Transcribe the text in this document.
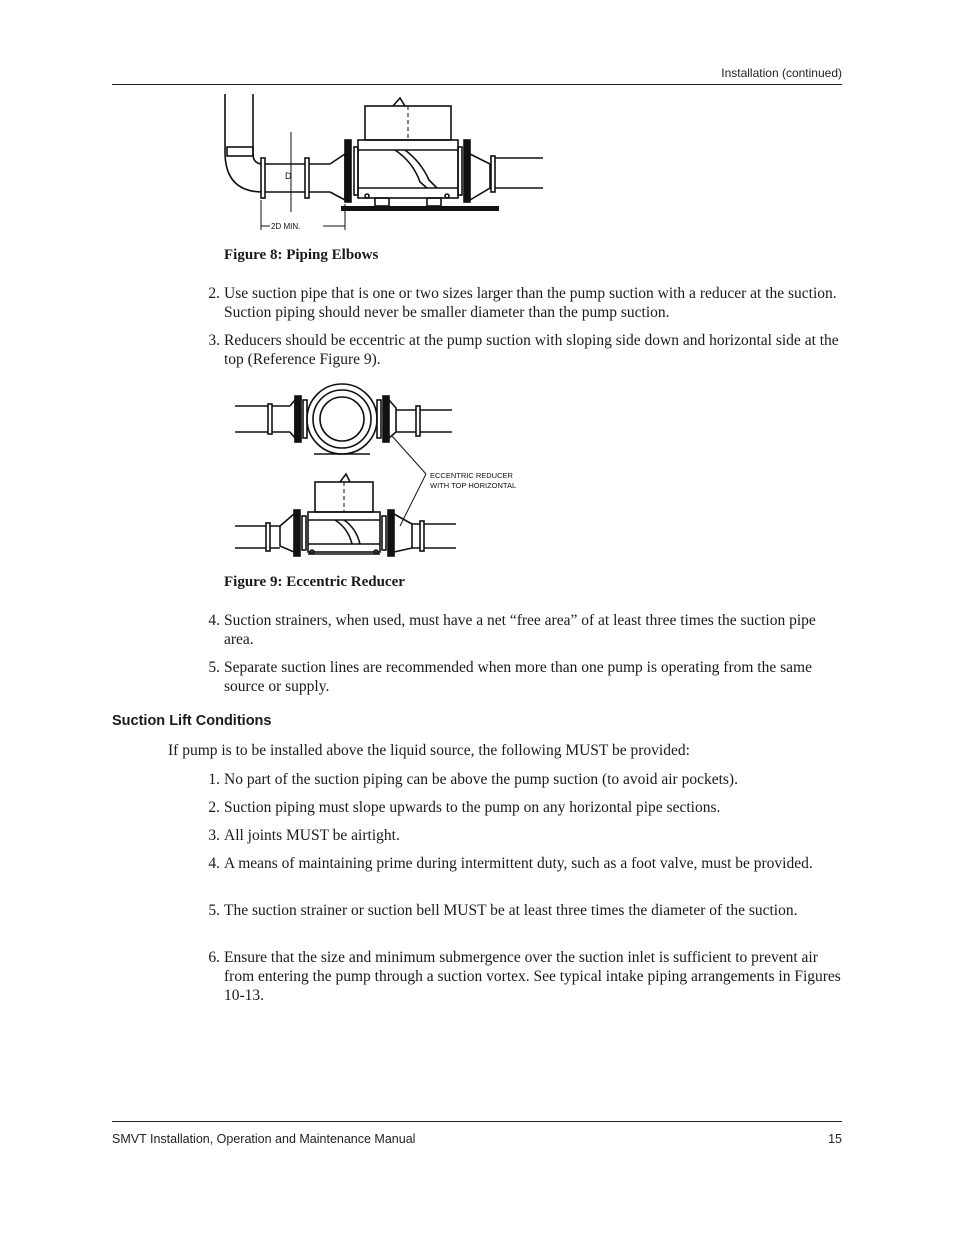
Installation (continued)
D
2D MIN.
Figure 8: Piping Elbows
2. Use suction pipe that is one or two sizes larger than the pump suction with a reducer at the suction. Suction piping should never be smaller diameter than the pump suction.
3. Reducers should be eccentric at the pump suction with sloping side down and horizontal side at the top (Reference Figure 9).
ECCENTRIC REDUCER
WITH TOP HORIZONTAL
Figure 9: Eccentric Reducer
4. Suction strainers, when used, must have a net “free area” of at least three times the suction pipe area.
5. Separate suction lines are recommended when more than one pump is operating from the same source or supply.
Suction Lift Conditions
If pump is to be installed above the liquid source, the following MUST be provided:
1. No part of the suction piping can be above the pump suction (to avoid air pockets).
2. Suction piping must slope upwards to the pump on any horizontal pipe sections.
3. All joints MUST be airtight.
4. A means of maintaining prime during intermittent duty, such as a foot valve, must be provided.
5. The suction strainer or suction bell MUST be at least three times the diameter of the suction.
6. Ensure that the size and minimum submergence over the suction inlet is sufficient to prevent air from entering the pump through a suction vortex. See typical intake piping arrangements in Figures 10-13.
SMVT Installation, Operation and Maintenance Manual	15
